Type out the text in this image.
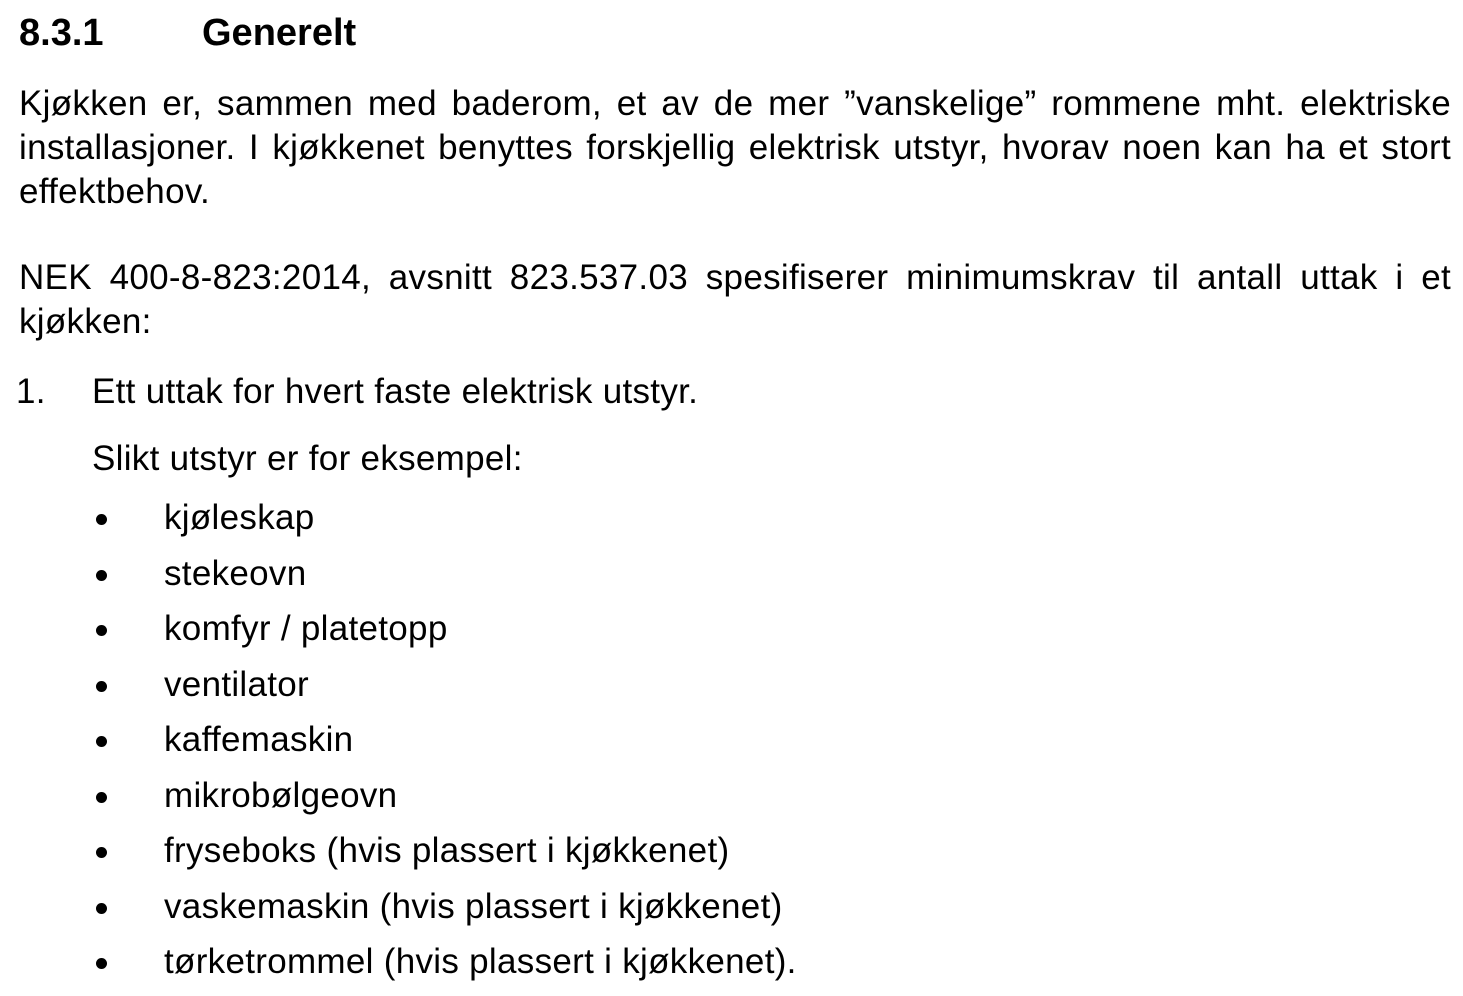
8.3.1	Generelt
Kjøkken er, sammen med baderom, et av de mer ”vanskelige” rommene mht. elektriske installasjoner. I kjøkkenet benyttes forskjellig elektrisk utstyr, hvorav noen kan ha et stort effektbehov.
NEK 400-8-823:2014, avsnitt 823.537.03 spesifiserer minimumskrav til antall uttak i et kjøkken:
1. Ett uttak for hvert faste elektrisk utstyr.
Slikt utstyr er for eksempel:
kjøleskap
stekeovn
komfyr / platetopp
ventilator
kaffemaskin
mikrobølgeovn
fryseboks (hvis plassert i kjøkkenet)
vaskemaskin (hvis plassert i kjøkkenet)
tørketrommel (hvis plassert i kjøkkenet).
